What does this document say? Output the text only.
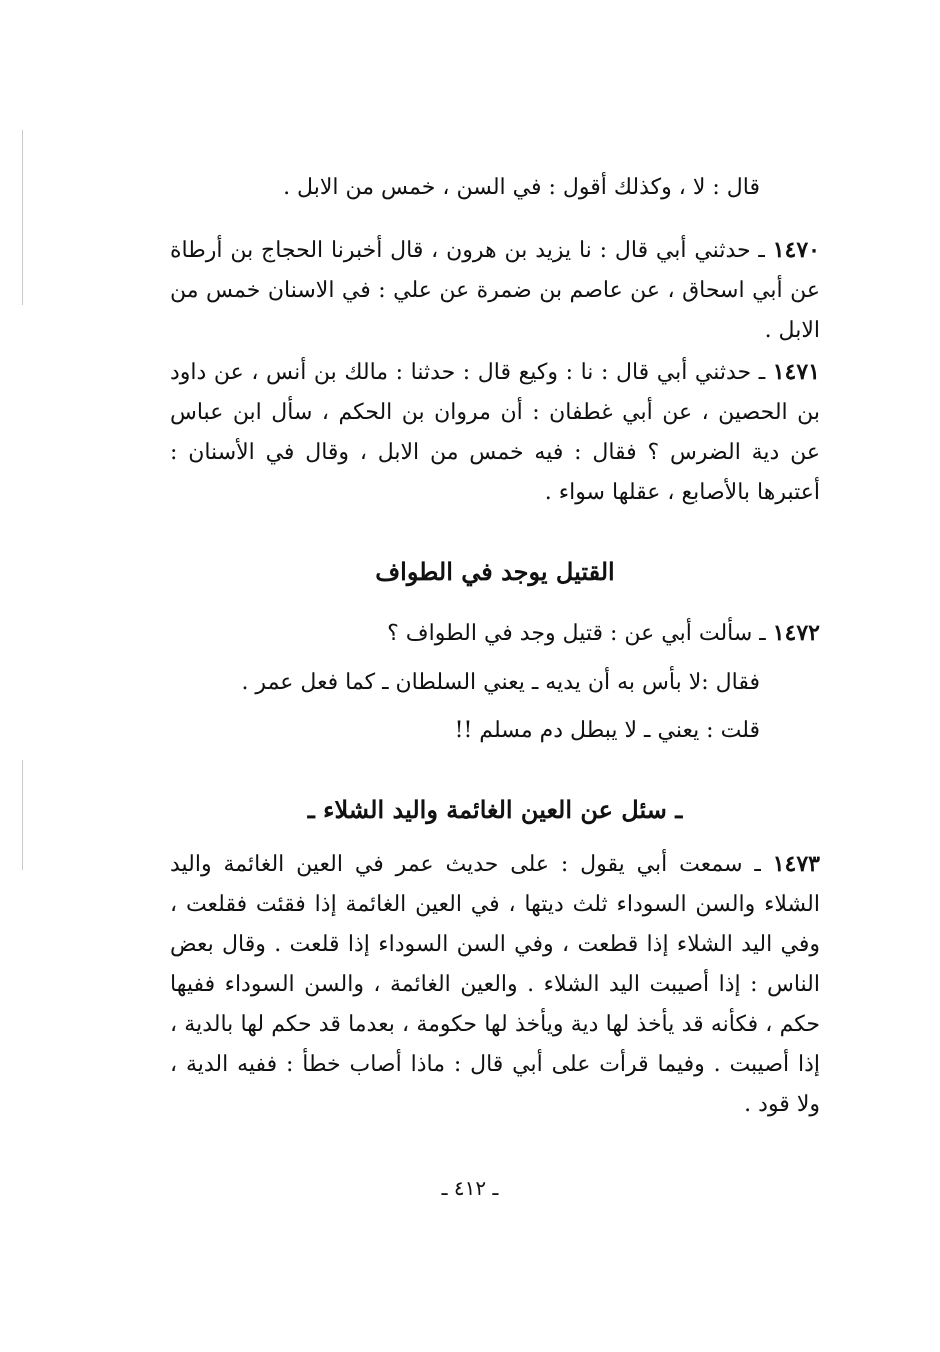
قال : لا ، وكذلك أقول : في السن ، خمس من الابل .

١٤٧٠ ـ حدثني أبي قال : نا يزيد بن هرون ، قال أخبرنا الحجاج بن أرطاة عن أبي اسحاق ، عن عاصم بن ضمرة عن علي : في الاسنان خمس من الابل .

١٤٧١ ـ حدثني أبي قال : نا : وكيع قال : حدثنا : مالك بن أنس ، عن داود بن الحصين ، عن أبي غطفان : أن مروان بن الحكم ، سأل ابن عباس عن دية الضرس ؟ فقال : فيه خمس من الابل ، وقال في الأسنان : أعتبرها بالأصابع ، عقلها سواء .

القتيل يوجد في الطواف
١٤٧٢ ـ سألت أبي عن : قتيل وجد في الطواف ؟
فقال :لا بأس به أن يديه ـ يعني السلطان ـ كما فعل عمر .
قلت : يعني ـ لا يبطل دم مسلم !!
ـ سئل عن العين الغائمة واليد الشلاء ـ

١٤٧٣ ـ سمعت أبي يقول : على حديث عمر في العين الغائمة واليد الشلاء والسن السوداء ثلث ديتها ، في العين الغائمة إذا فقئت فقلعت ، وفي اليد الشلاء إذا قطعت ، وفي السن السوداء إذا قلعت . وقال بعض الناس : إذا أصيبت اليد الشلاء . والعين الغائمة ، والسن السوداء ففيها حكم ، فكأنه قد يأخذ لها دية ويأخذ لها حكومة ، بعدما قد حكم لها بالدية ، إذا أصيبت . وفيما قرأت على أبي قال : ماذا أصاب خطأ : ففيه الدية ، ولا قود .

ـ ٤١٢ ـ
